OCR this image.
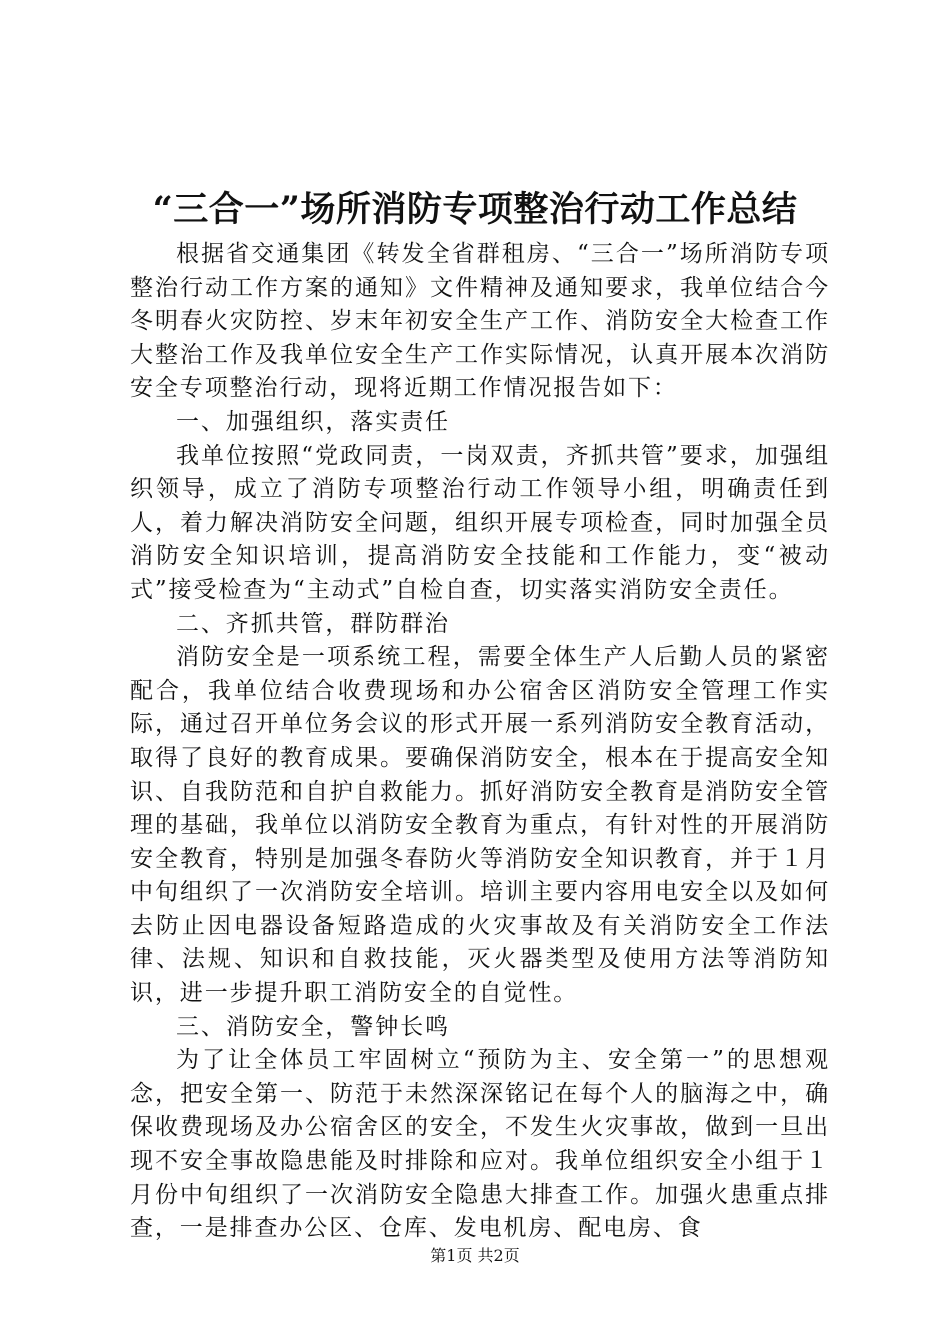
“三合一”场所消防专项整治行动工作总结

根据省交通集团《转发全省群租房、“三合一”场所消防专项整治行动工作方案的通知》文件精神及通知要求，我单位结合今冬明春火灾防控、岁末年初安全生产工作、消防安全大检查工作大整治工作及我单位安全生产工作实际情况，认真开展本次消防安全专项整治行动，现将近期工作情况报告如下：

一、加强组织，落实责任

我单位按照“党政同责，一岗双责，齐抓共管”要求，加强组织领导，成立了消防专项整治行动工作领导小组，明确责任到人，着力解决消防安全问题，组织开展专项检查，同时加强全员消防安全知识培训，提高消防安全技能和工作能力，变“被动式”接受检查为“主动式”自检自查，切实落实消防安全责任。

二、齐抓共管，群防群治

消防安全是一项系统工程，需要全体生产人后勤人员的紧密配合，我单位结合收费现场和办公宿舍区消防安全管理工作实际，通过召开单位务会议的形式开展一系列消防安全教育活动，取得了良好的教育成果。要确保消防安全，根本在于提高安全知识、自我防范和自护自救能力。抓好消防安全教育是消防安全管理的基础，我单位以消防安全教育为重点，有针对性的开展消防安全教育，特别是加强冬春防火等消防安全知识教育，并于１月中旬组织了一次消防安全培训。培训主要内容用电安全以及如何去防止因电器设备短路造成的火灾事故及有关消防安全工作法律、法规、知识和自救技能，灭火器类型及使用方法等消防知识，进一步提升职工消防安全的自觉性。

三、消防安全，警钟长鸣

为了让全体员工牢固树立“预防为主、安全第一”的思想观念，把安全第一、防范于未然深深铭记在每个人的脑海之中，确保收费现场及办公宿舍区的安全，不发生火灾事故，做到一旦出现不安全事故隐患能及时排除和应对。我单位组织安全小组于１月份中旬组织了一次消防安全隐患大排查工作。加强火患重点排查，一是排查办公区、仓库、发电机房、配电房、食

第1页 共2页
